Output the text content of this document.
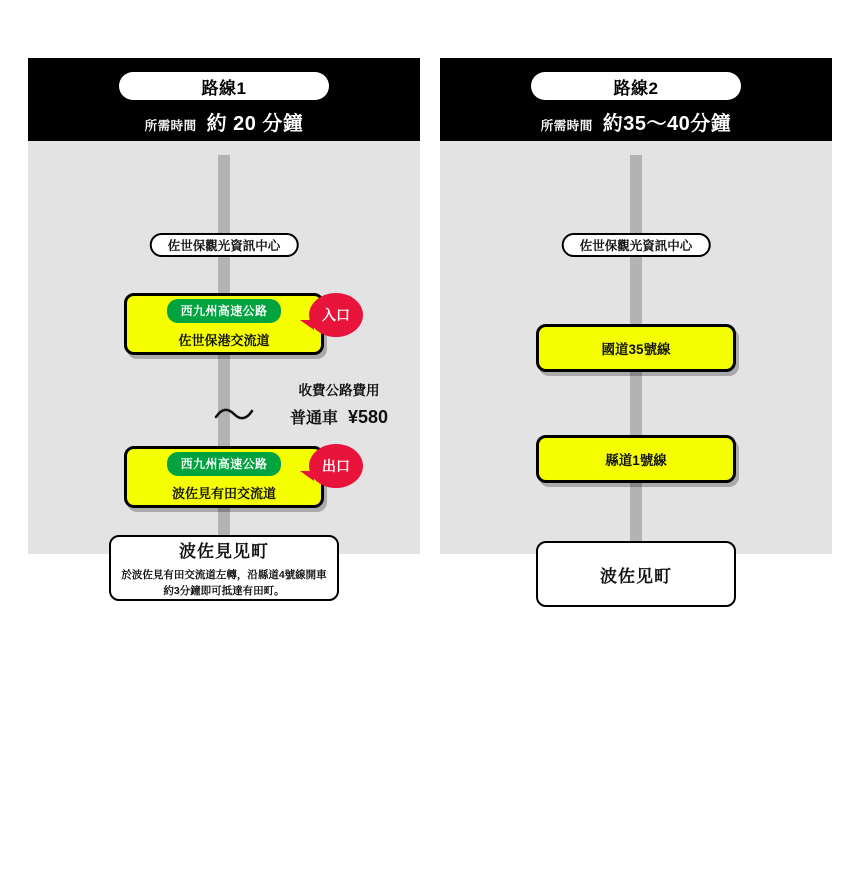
路線1
所需時間 約 20 分鐘
佐世保觀光資訊中心
西九州高速公路
佐世保港交流道
入口
收費公路費用
普通車 ¥580
西九州高速公路
波佐見有田交流道
出口
波佐見见町
於波佐見有田交流道左轉，沿縣道4號線開車
約3分鐘即可抵達有田町。
路線2
所需時間 約35〜40分鐘
佐世保觀光資訊中心
國道35號線
縣道1號線
波佐见町
